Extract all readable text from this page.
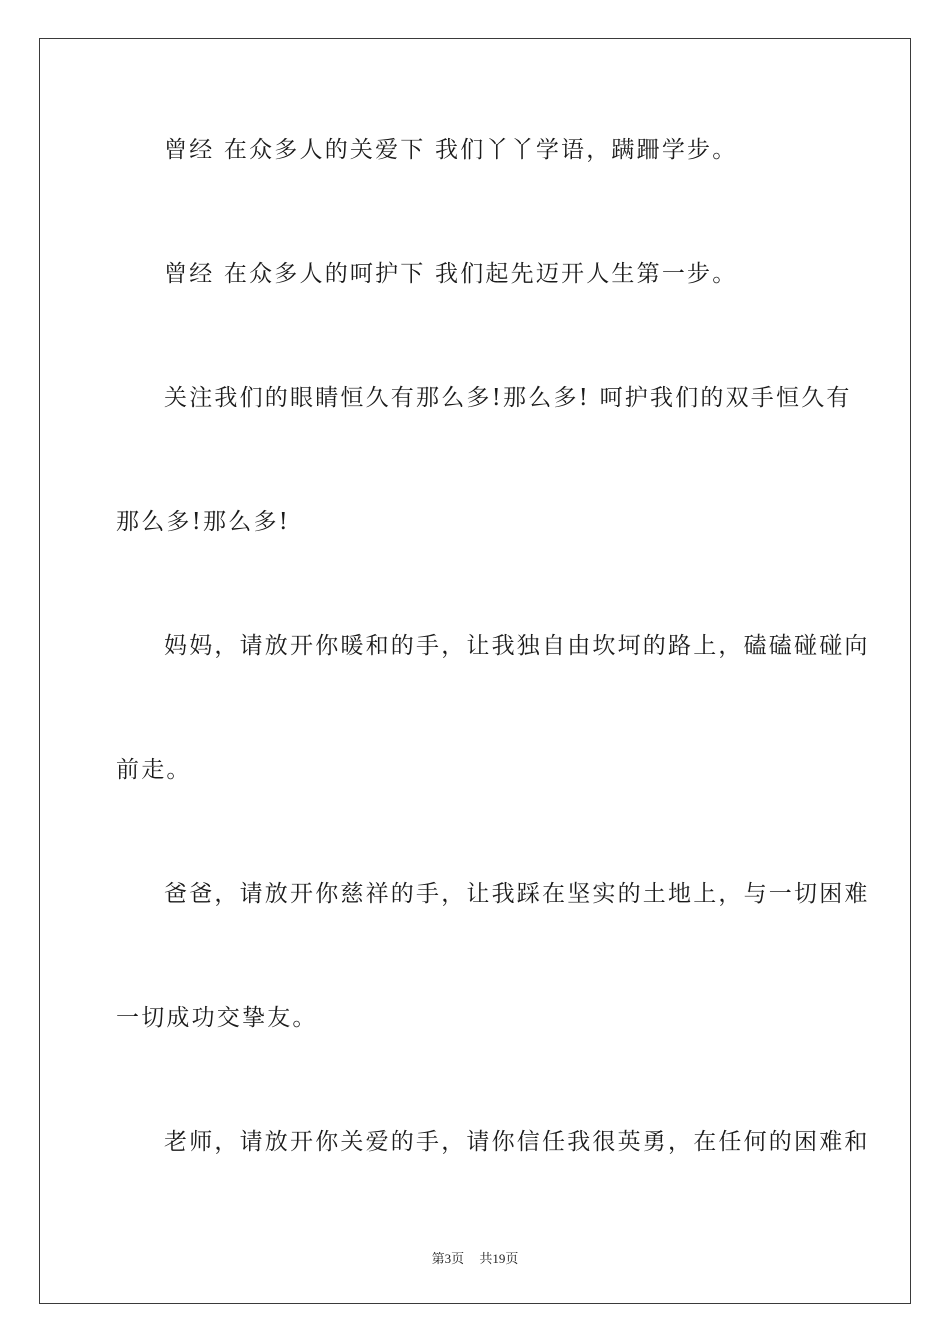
曾经 在众多人的关爱下 我们丫丫学语，蹒跚学步。
曾经 在众多人的呵护下 我们起先迈开人生第一步。
关注我们的眼睛恒久有那么多!那么多! 呵护我们的双手恒久有
那么多!那么多!
妈妈，请放开你暖和的手，让我独自由坎坷的路上，磕磕碰碰向
前走。
爸爸，请放开你慈祥的手，让我踩在坚实的土地上，与一切困难
一切成功交挚友。
老师，请放开你关爱的手，请你信任我很英勇，在任何的困难和
第3页 共19页
